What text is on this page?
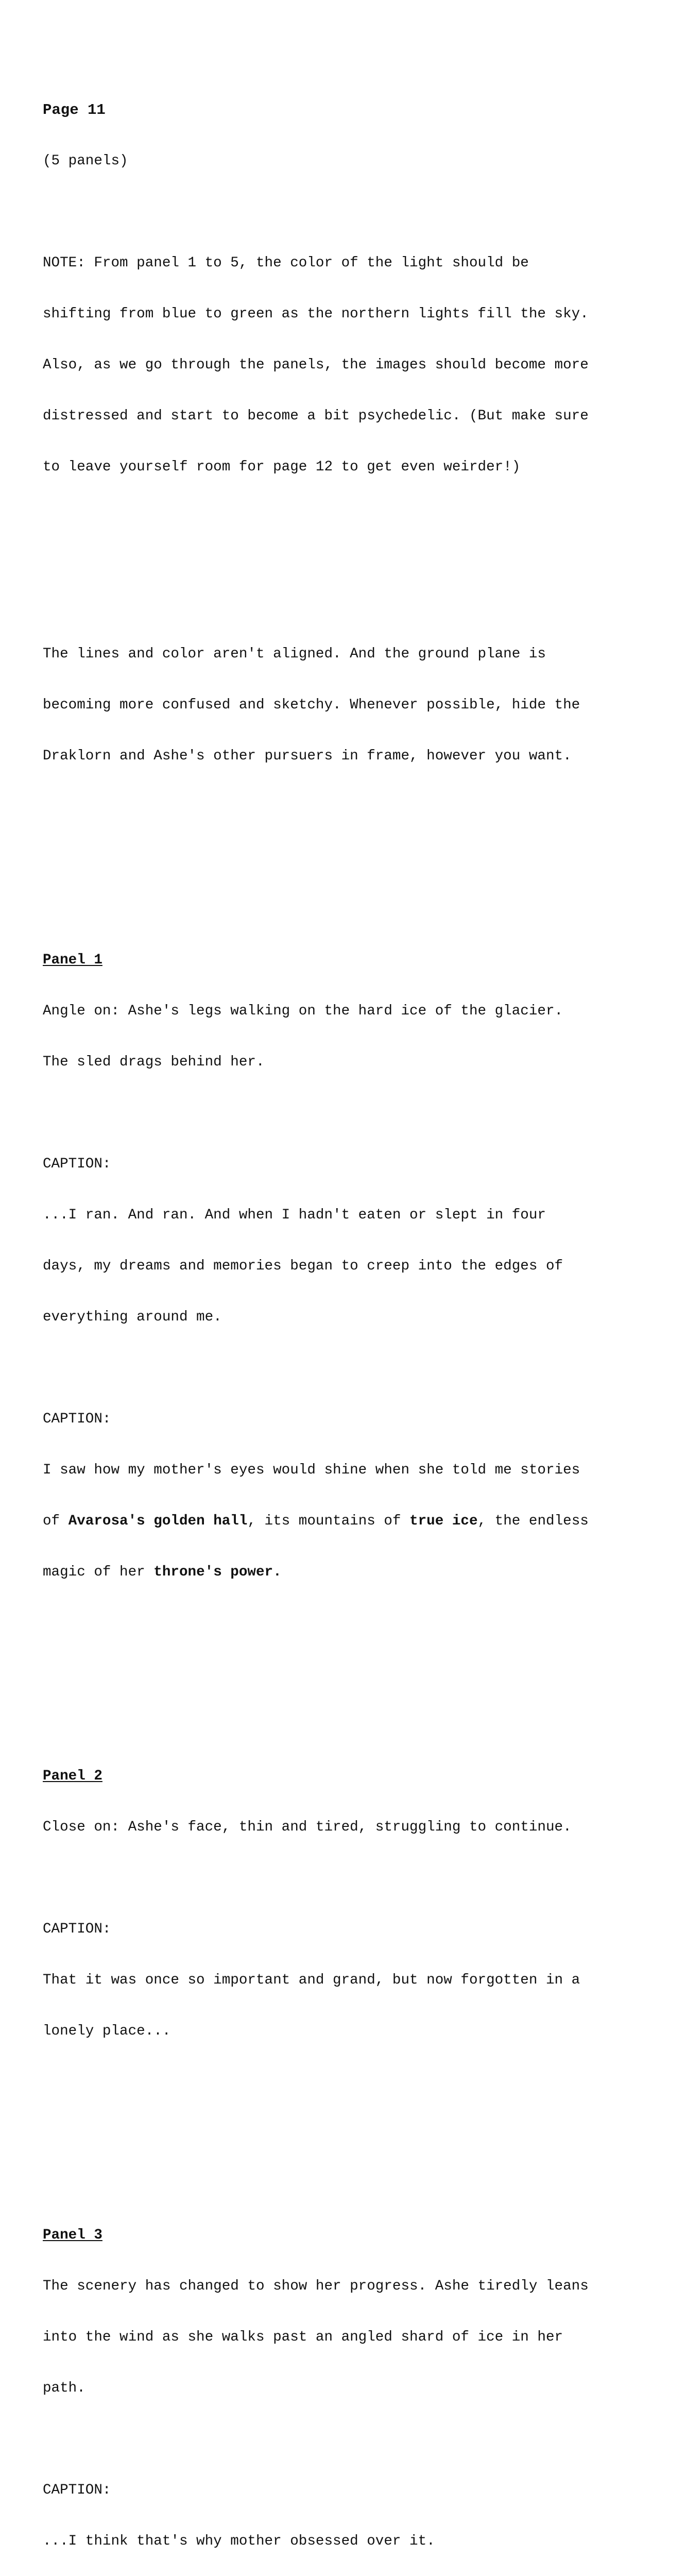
Page 11

(5 panels)

NOTE: From panel 1 to 5, the color of the light should be

shifting from blue to green as the northern lights fill the sky.

Also, as we go through the panels, the images should become more

distressed and start to become a bit psychedelic. (But make sure

to leave yourself room for page 12 to get even weirder!)

The lines and color aren't aligned. And the ground plane is

becoming more confused and sketchy. Whenever possible, hide the

Draklorn and Ashe's other pursuers in frame, however you want.

Panel 1

Angle on: Ashe's legs walking on the hard ice of the glacier.

The sled drags behind her.

CAPTION:

...I ran. And ran. And when I hadn't eaten or slept in four

days, my dreams and memories began to creep into the edges of

everything around me.

CAPTION:

I saw how my mother's eyes would shine when she told me stories

of Avarosa's golden hall, its mountains of true ice, the endless

magic of her throne's power.

Panel 2

Close on: Ashe's face, thin and tired, struggling to continue.

CAPTION:

That it was once so important and grand, but now forgotten in a

lonely place...

Panel 3

The scenery has changed to show her progress. Ashe tiredly leans

into the wind as she walks past an angled shard of ice in her

path.

CAPTION:

...I think that's why mother obsessed over it.
